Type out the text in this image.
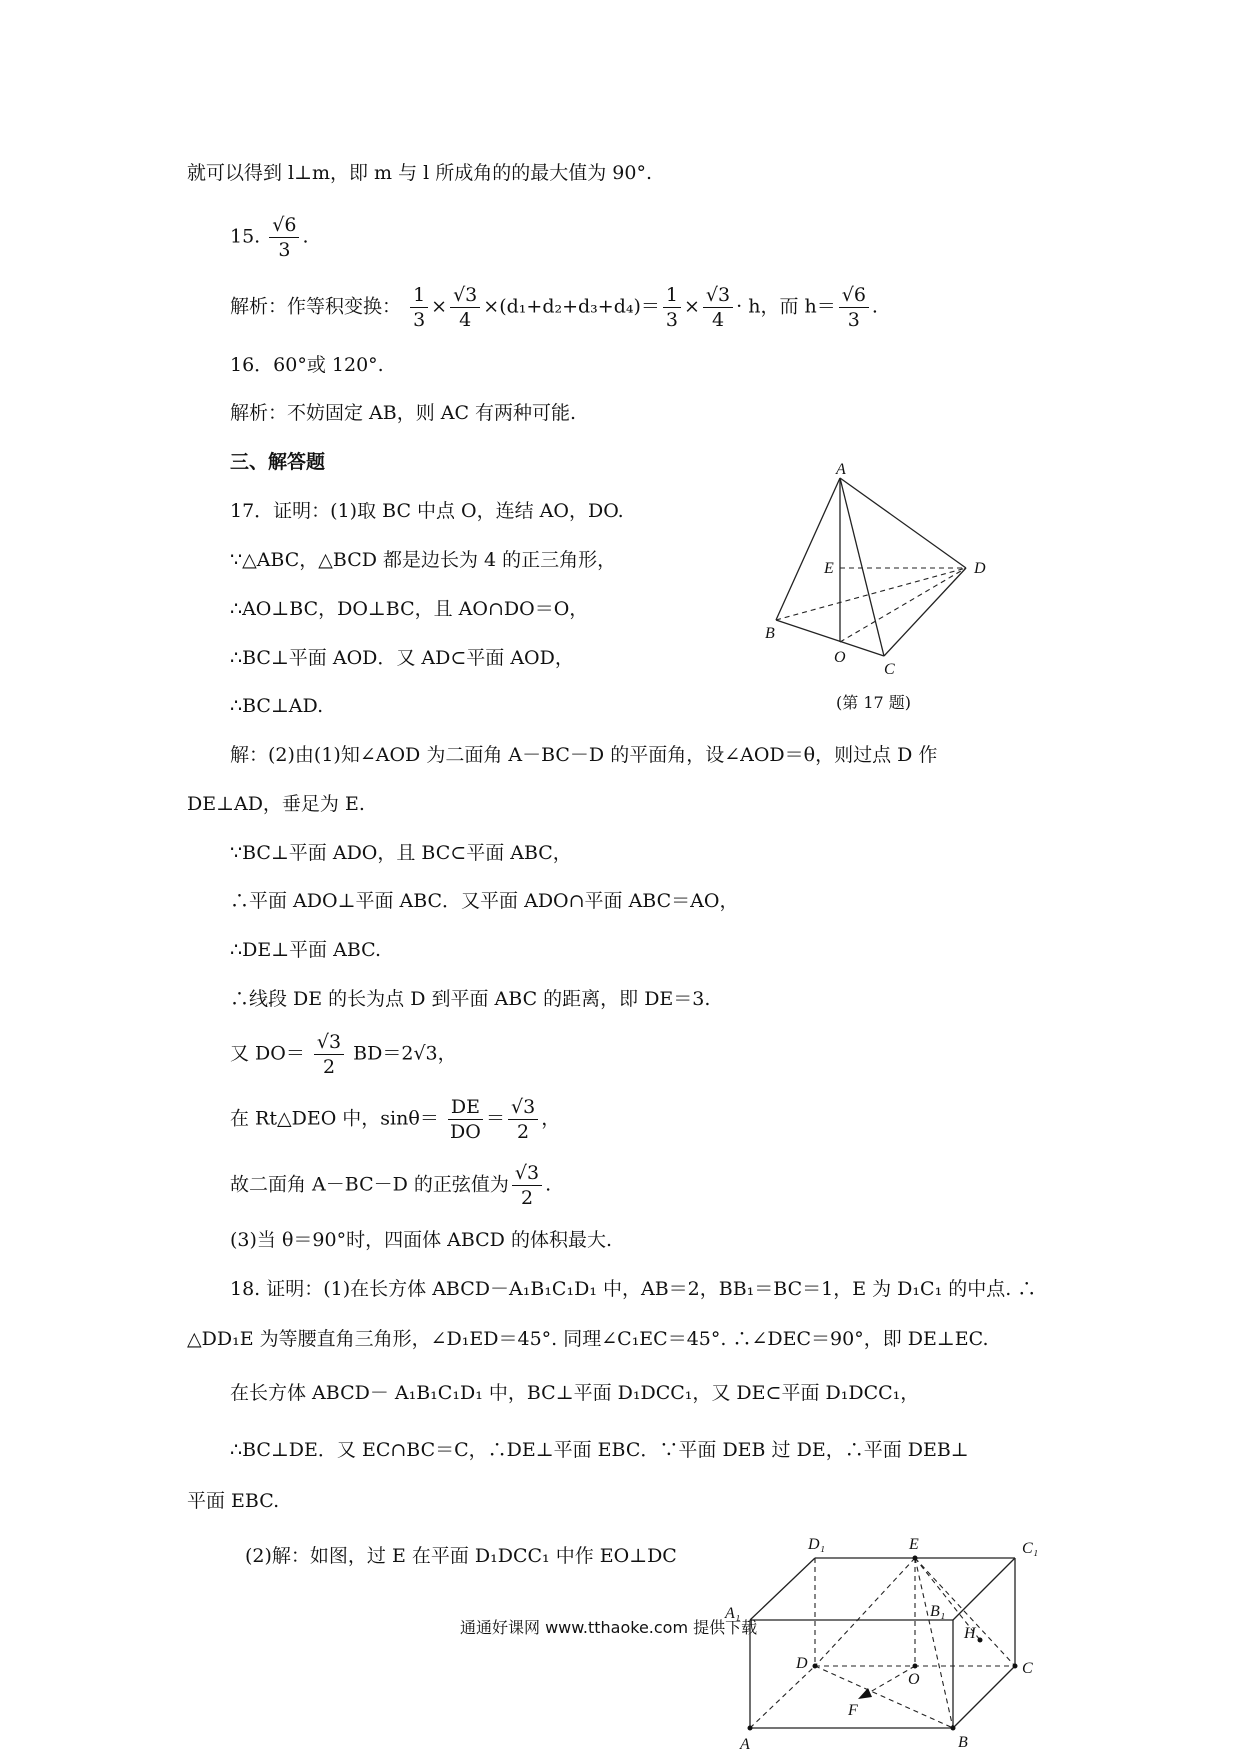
就可以得到 l⊥m，即 m 与 l 所成角的的最大值为 90°.
15. $\frac{√6}{3}$ .
解析：作等积变换： $\frac{1}{3} \times \frac{√3}{4} \times(d_1+d_2+d_3+d_4)= \frac{1}{3} \times \frac{√3}{4} \cdot h$，而 $h= \frac{√6}{3}$ .
16．60°或 120°.
解析：不妨固定 AB，则 AC 有两种可能.
三、解答题
17．证明：(1)取 BC 中点 O，连结 AO，DO.
∵△ABC，△BCD 都是边长为 4 的正三角形，
∴AO⊥BC，DO⊥BC，且 AO∩DO＝O，
∴BC⊥平面 AOD．又 AD⊂平面 AOD，
∴BC⊥AD.
A
D
E
B
O
C
(第 17 题)
解：(2)由(1)知∠AOD 为二面角 A－BC－D 的平面角，设∠AOD＝θ，则过点 D 作
DE⊥AD，垂足为 E.
∵BC⊥平面 ADO，且 BC⊂平面 ABC，
∴平面 ADO⊥平面 ABC．又平面 ADO∩平面 ABC＝AO，
∴DE⊥平面 ABC.
∴线段 DE 的长为点 D 到平面 ABC 的距离，即 DE＝3.
又 $DO= \frac{√3}{2} BD=2√3$，
在 Rt△DEO 中，$\sin\theta= \frac{DE}{DO} = \frac{√3}{2}$ ，
故二面角 A－BC－D 的正弦值为 $\frac{√3}{2}$ .
(3)当 θ＝90°时，四面体 ABCD 的体积最大.
18. 证明：(1)在长方体 ABCD－A₁B₁C₁D₁ 中，AB＝2，BB₁＝BC＝1，E 为 D₁C₁ 的中点. ∴
△DD₁E 为等腰直角三角形，∠D₁ED＝45°. 同理∠C₁EC＝45°. ∴∠DEC＝90°，即 DE⊥EC.
在长方体 ABCD－ A₁B₁C₁D₁ 中，BC⊥平面 D₁DCC₁，又 DE⊂平面 D₁DCC₁，
∴BC⊥DE．又 EC∩BC＝C，∴DE⊥平面 EBC．∵平面 DEB 过 DE，∴平面 DEB⊥
平面 EBC.
(2)解：如图，过 E 在平面 D₁DCC₁ 中作 EO⊥DC
D₁	E	C₁
A₁	B₁
H
D
O
C
F
A	B
通通好课网 www.tthaoke.com 提供下载
